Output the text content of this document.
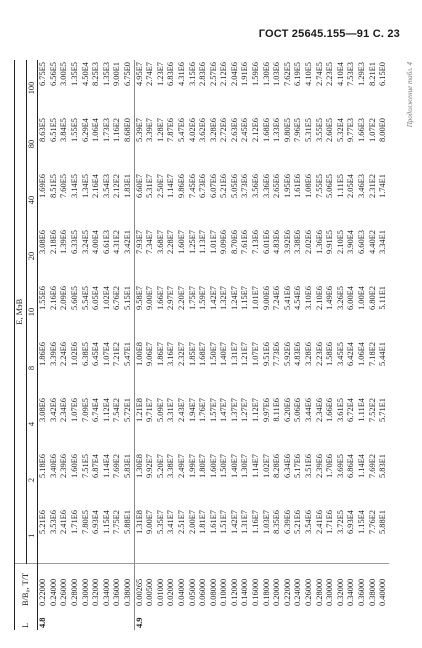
ГОСТ 25645.155—91 С. 23
Продолжение табл. 4
L	B/B₀, Т/Т	E, МэВ								
		1	2	4	8	10	20	40	80	100
4.8	0.22000	5.21E6	5.18E6	3.08E6	1.86E6	1.55E6	3.08E6	1.69E6	8.63E5	6.75E5
	0.24000	3.53E6	3.40E6	3.42E6	3.39E6	2.16E6	2.18E6	8.51E5	6.51E5	6.56E5
	0.26000	2.41E6	2.39E6	2.34E6	2.24E6	2.09E6	1.39E6	7.60E5	3.84E5	3.00E5
	0.28000	1.71E6	1.60E6	1.07E6	1.02E6	5.60E5	6.33E5	3.14E5	1.55E5	1.35E5
	0.30000	7.80E5	7.51E5	7.09E5	6.38E5	5.54E5	3.24E5	1.34E5	6.29E4	4.50E4
	0.32000	6.93E4	6.87E4	6.74E4	6.45E4	6.05E4	4.00E4	2.16E4	1.06E4	8.25E3
	0.34000	1.15E4	1.14E4	1.12E4	1.07E4	1.02E4	6.61E3	3.54E3	1.73E3	1.35E3
	0.36000	7.75E2	7.69E2	7.54E2	7.21E2	6.76E2	4.31E2	2.12E2	1.16E2	9.00E1
	0.38000	5.88E1	5.83E1	5.72E1	5.47E1	5.15E1	3.42E1	1.83E1	8.68E0	6.75E0
4.9	0.00265	1.31E8	1.30E8	1.21E8	1.00E8	9.58E7	7.93E7	6.60E7	5.39E7	4.95E7
	0.00500	9.00E7	9.92E7	9.71E7	9.06E7	9.00E7	7.34E7	5.31E7	3.39E7	2.74E7
	0.01000	5.35E7	5.20E7	5.09E7	1.86E7	1.66E7	3.68E7	2.50E7	1.28E7	1.23E7
	0.02000	3.41E7	3.38E7	3.31E7	3.16E7	2.97E7	2.28E7	1.14E7	7.87E6	6.83E6
	0.04000	2.51E7	2.49E7	2.43E7	2.32E7	2.20E7	1.60E7	9.86E6	5.47E6	4.31E6
	0.05000	2.00E7	1.99E7	1.94E7	1.85E7	1.75E7	1.25E7	7.45E6	4.02E6	3.15E6
	0.06000	1.81E7	1.80E7	1.76E7	1.68E7	1.59E7	1.13E7	6.73E6	3.62E6	2.83E6
	0.08000	1.61E7	1.60E7	1.57E7	1.50E7	1.42E7	1.01E7	6.07E6	3.28E6	2.57E6
	0.10000	1.51E7	1.50E7	1.47E7	1.40E7	1.32E7	9.09E6	5.21E6	2.72E6	2.12E6
	0.12000	1.42E7	1.40E7	1.37E7	1.31E7	1.24E7	8.70E6	5.05E6	2.63E6	2.04E6
	0.14000	1.31E7	1.30E7	1.27E7	1.21E7	1.15E7	7.61E6	3.73E6	2.45E6	1.91E6
	0.16000	1.16E7	1.14E7	1.12E7	1.07E7	1.01E7	7.13E6	3.56E6	2.12E6	1.59E6
	0.18000	1.03E7	1.02E7	9.97E6	9.51E6	9.00E6	6.01E6	3.36E6	1.68E6	1.30E6
	0.20000	8.35E6	8.28E6	8.11E6	7.73E6	7.24E6	4.83E6	2.65E6	1.33E6	1.03E6
	0.22000	6.39E6	6.34E6	6.20E6	5.92E6	5.41E6	3.92E6	1.95E6	9.80E5	7.62E5
	0.24000	5.21E6	5.17E6	5.06E6	4.83E6	4.54E6	3.38E6	1.61E6	7.96E5	6.19E5
	0.26000	3.54E6	3.51E6	3.44E6	3.28E6	3.10E6	2.02E6	1.08E6	5.31E5	4.10E5
	0.28000	2.41E6	2.39E6	2.34E6	2.23E6	2.10E6	1.36E6	7.55E5	3.55E5	2.74E5
	0.30000	1.71E6	1.70E6	1.66E6	1.58E6	1.49E6	9.91E5	5.06E5	2.60E5	2.23E5
	0.32000	3.72E5	3.69E5	3.61E5	3.45E5	3.26E5	2.10E5	1.11E5	5.32E4	4.10E4
	0.34000	6.93E4	6.86E4	6.72E4	6.42E4	6.00E4	3.90E4	2.05E4	9.77E3	7.53E3
	0.36000	1.15E4	1.14E4	1.11E4	1.06E4	1.00E4	6.60E3	3.46E3	1.66E3	1.29E3
	0.38000	7.76E2	7.69E2	7.52E2	7.18E2	6.80E2	4.40E2	2.31E2	1.07E2	8.21E1
	0.40000	5.88E1	5.83E1	5.71E1	5.44E1	5.11E1	3.34E1	1.74E1	8.00E0	6.15E0
